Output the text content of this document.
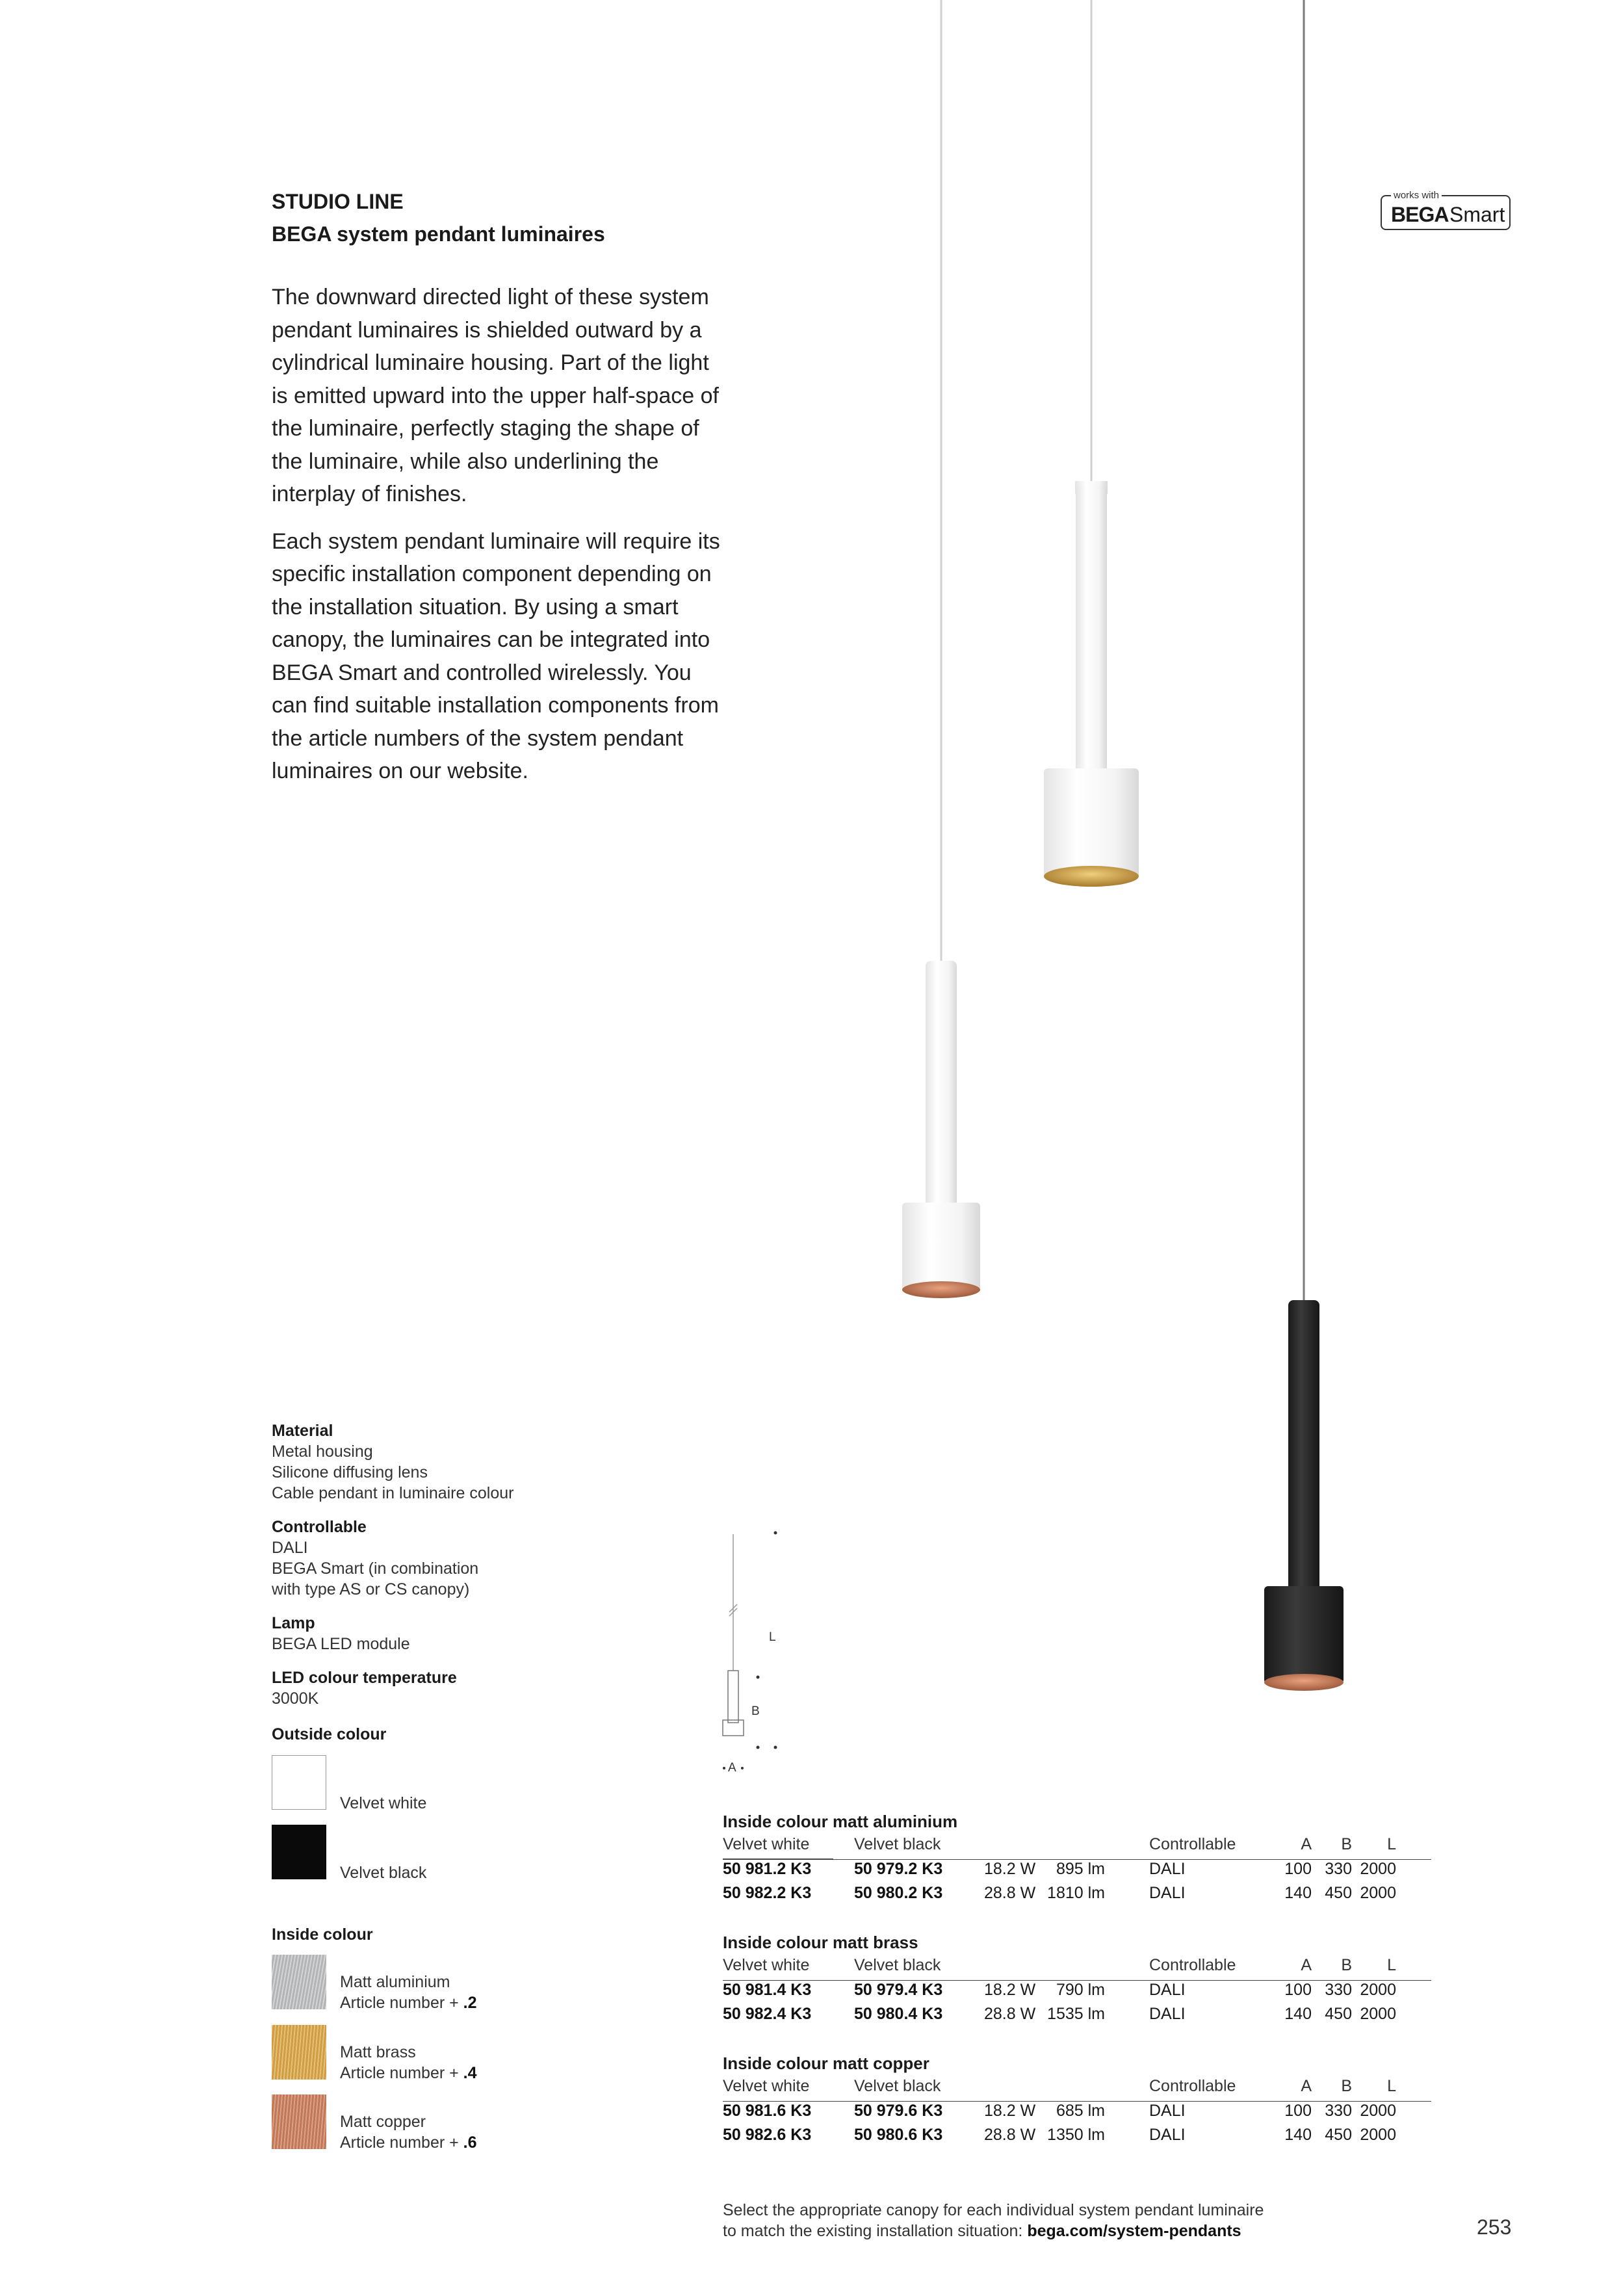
STUDIO LINE
BEGA system pendant luminaires
works with
BEGA Smart

The downward directed light of these system pendant luminaires is shielded outward by a cylindrical luminaire housing. Part of the light is emitted upward into the upper half-space of the luminaire, perfectly staging the shape of the luminaire, while also underlining the interplay of finishes.

Each system pendant luminaire will require its specific installation component depending on the installation situation. By using a smart canopy, the luminaires can be integrated into BEGA Smart and controlled wirelessly. You can find suitable installation components from the article numbers of the system pendant luminaires on our website.

Material
Metal housing
Silicone diffusing lens
Cable pendant in luminaire colour
Controllable
DALI
BEGA Smart (in combination
with type AS or CS canopy)
Lamp
BEGA LED module
LED colour temperature
3000K
Outside colour
Velvet white
Velvet black
Inside colour
Matt aluminium
Article number + .2
Matt brass
Article number + .4
Matt copper
Article number + .6
L
B
A
Inside colour matt aluminium
Velvet white	Velvet black	Controllable	A	B	L
50 981.2 K3	50 979.2 K3	18.2 W	895 lm	DALI	100 330 2000
50 982.2 K3	50 980.2 K3	28.8 W 1810 lm	DALI	140 450 2000
Inside colour matt brass
Velvet white	Velvet black	Controllable	A	B	L
50 981.4 K3	50 979.4 K3	18.2 W	790 lm	DALI	100 330 2000
50 982.4 K3	50 980.4 K3	28.8 W 1535 lm	DALI	140 450 2000
Inside colour matt copper
Velvet white	Velvet black	Controllable	A	B	L
50 981.6 K3	50 979.6 K3	18.2 W	685 lm	DALI	100 330 2000
50 982.6 K3	50 980.6 K3	28.8 W 1350 lm	DALI	140 450 2000
Select the appropriate canopy for each individual system pendant luminaire
to match the existing installation situation: bega.com/system-pendants	253
